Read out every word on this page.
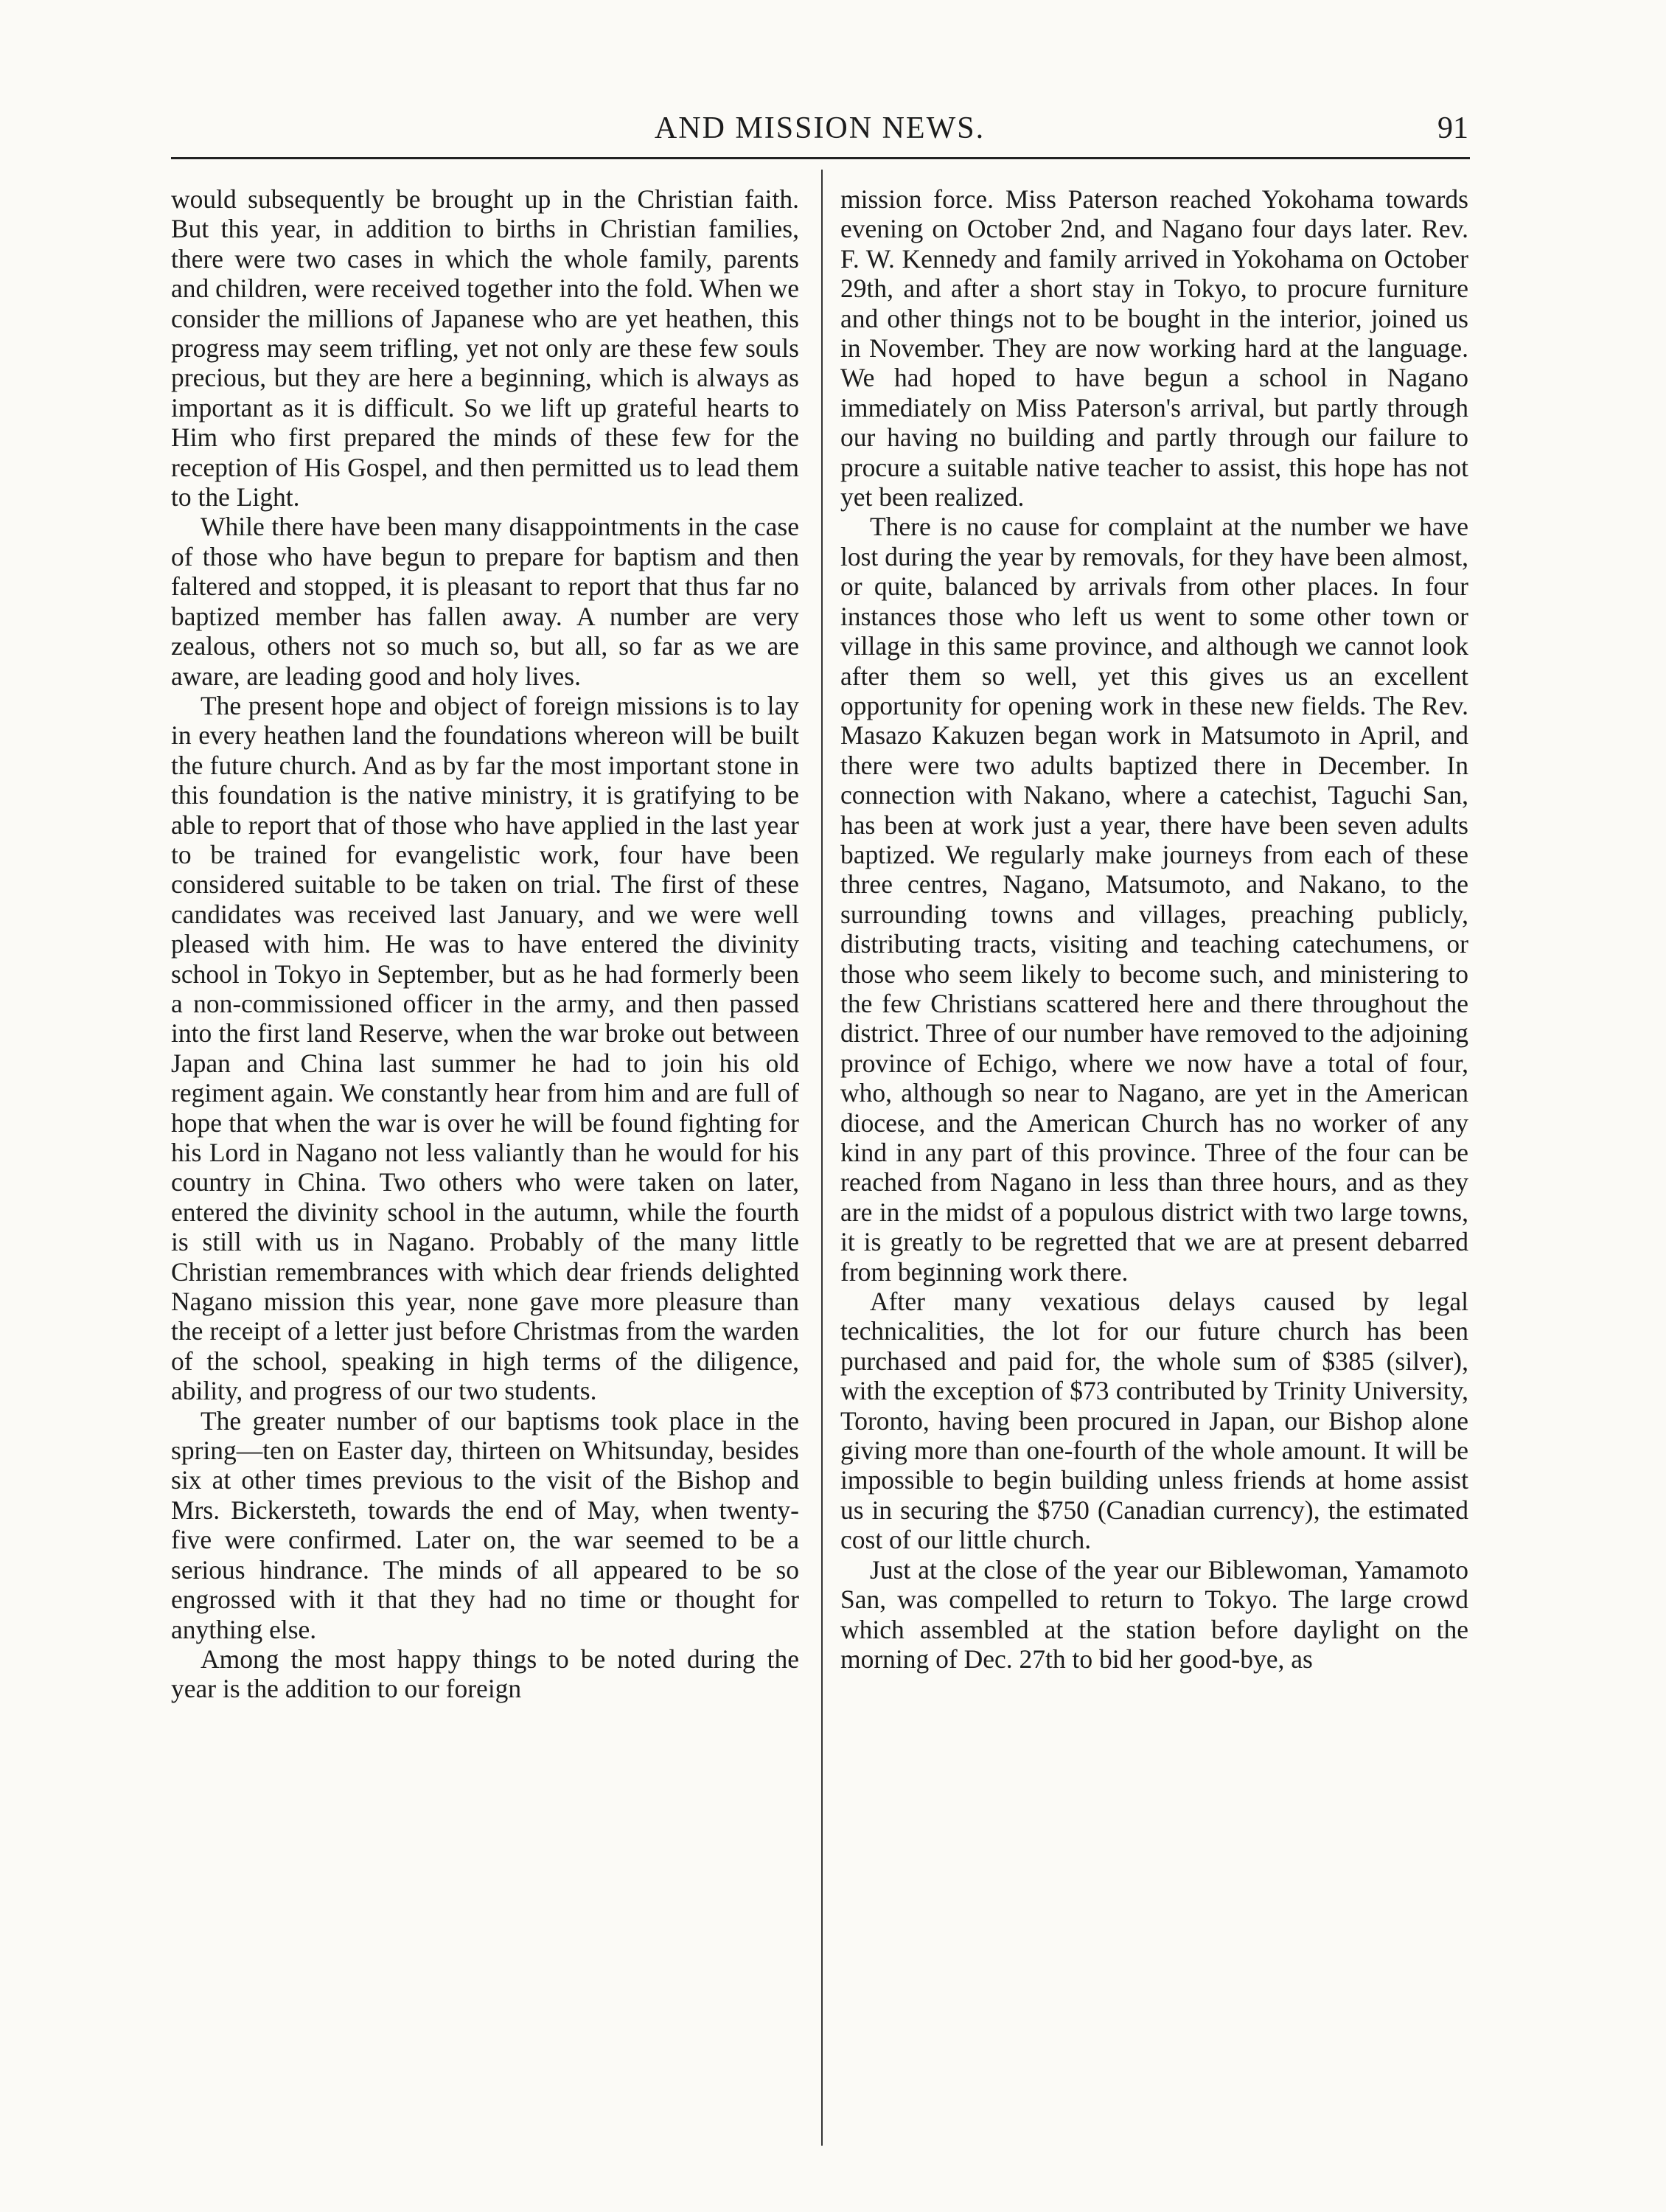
AND MISSION NEWS.	91

would subsequently be brought up in the Christian faith. But this year, in addition to births in Christian families, there were two cases in which the whole family, parents and children, were received together into the fold. When we consider the millions of Japanese who are yet heathen, this progress may seem trifling, yet not only are these few souls precious, but they are here a beginning, which is always as important as it is difficult. So we lift up grateful hearts to Him who first prepared the minds of these few for the reception of His Gospel, and then permitted us to lead them to the Light.

While there have been many disappointments in the case of those who have begun to prepare for baptism and then faltered and stopped, it is pleasant to report that thus far no baptized member has fallen away. A number are very zealous, others not so much so, but all, so far as we are aware, are leading good and holy lives.

The present hope and object of foreign missions is to lay in every heathen land the foundations whereon will be built the future church. And as by far the most important stone in this foundation is the native ministry, it is gratifying to be able to report that of those who have applied in the last year to be trained for evangelistic work, four have been considered suitable to be taken on trial. The first of these candidates was received last January, and we were well pleased with him. He was to have entered the divinity school in Tokyo in September, but as he had formerly been a non-commissioned officer in the army, and then passed into the first land Reserve, when the war broke out between Japan and China last summer he had to join his old regiment again. We constantly hear from him and are full of hope that when the war is over he will be found fighting for his Lord in Nagano not less valiantly than he would for his country in China. Two others who were taken on later, entered the divinity school in the autumn, while the fourth is still with us in Nagano. Probably of the many little Christian remembrances with which dear friends delighted Nagano mission this year, none gave more pleasure than the receipt of a letter just before Christmas from the warden of the school, speaking in high terms of the diligence, ability, and progress of our two students.

The greater number of our baptisms took place in the spring—ten on Easter day, thirteen on Whitsunday, besides six at other times previous to the visit of the Bishop and Mrs. Bickersteth, towards the end of May, when twenty-five were confirmed. Later on, the war seemed to be a serious hindrance. The minds of all appeared to be so engrossed with it that they had no time or thought for anything else.

Among the most happy things to be noted during the year is the addition to our foreign

mission force. Miss Paterson reached Yokohama towards evening on October 2nd, and Nagano four days later. Rev. F. W. Kennedy and family arrived in Yokohama on October 29th, and after a short stay in Tokyo, to procure furniture and other things not to be bought in the interior, joined us in November. They are now working hard at the language. We had hoped to have begun a school in Nagano immediately on Miss Paterson's arrival, but partly through our having no building and partly through our failure to procure a suitable native teacher to assist, this hope has not yet been realized.

There is no cause for complaint at the number we have lost during the year by removals, for they have been almost, or quite, balanced by arrivals from other places. In four instances those who left us went to some other town or village in this same province, and although we cannot look after them so well, yet this gives us an excellent opportunity for opening work in these new fields. The Rev. Masazo Kakuzen began work in Matsumoto in April, and there were two adults baptized there in December. In connection with Nakano, where a catechist, Taguchi San, has been at work just a year, there have been seven adults baptized. We regularly make journeys from each of these three centres, Nagano, Matsumoto, and Nakano, to the surrounding towns and villages, preaching publicly, distributing tracts, visiting and teaching catechumens, or those who seem likely to become such, and ministering to the few Christians scattered here and there throughout the district. Three of our number have removed to the adjoining province of Echigo, where we now have a total of four, who, although so near to Nagano, are yet in the American diocese, and the American Church has no worker of any kind in any part of this province. Three of the four can be reached from Nagano in less than three hours, and as they are in the midst of a populous district with two large towns, it is greatly to be regretted that we are at present debarred from beginning work there.

After many vexatious delays caused by legal technicalities, the lot for our future church has been purchased and paid for, the whole sum of $385 (silver), with the exception of $73 contributed by Trinity University, Toronto, having been procured in Japan, our Bishop alone giving more than one-fourth of the whole amount. It will be impossible to begin building unless friends at home assist us in securing the $750 (Canadian currency), the estimated cost of our little church.

Just at the close of the year our Biblewoman, Yamamoto San, was compelled to return to Tokyo. The large crowd which assembled at the station before daylight on the morning of Dec. 27th to bid her good-bye, as
